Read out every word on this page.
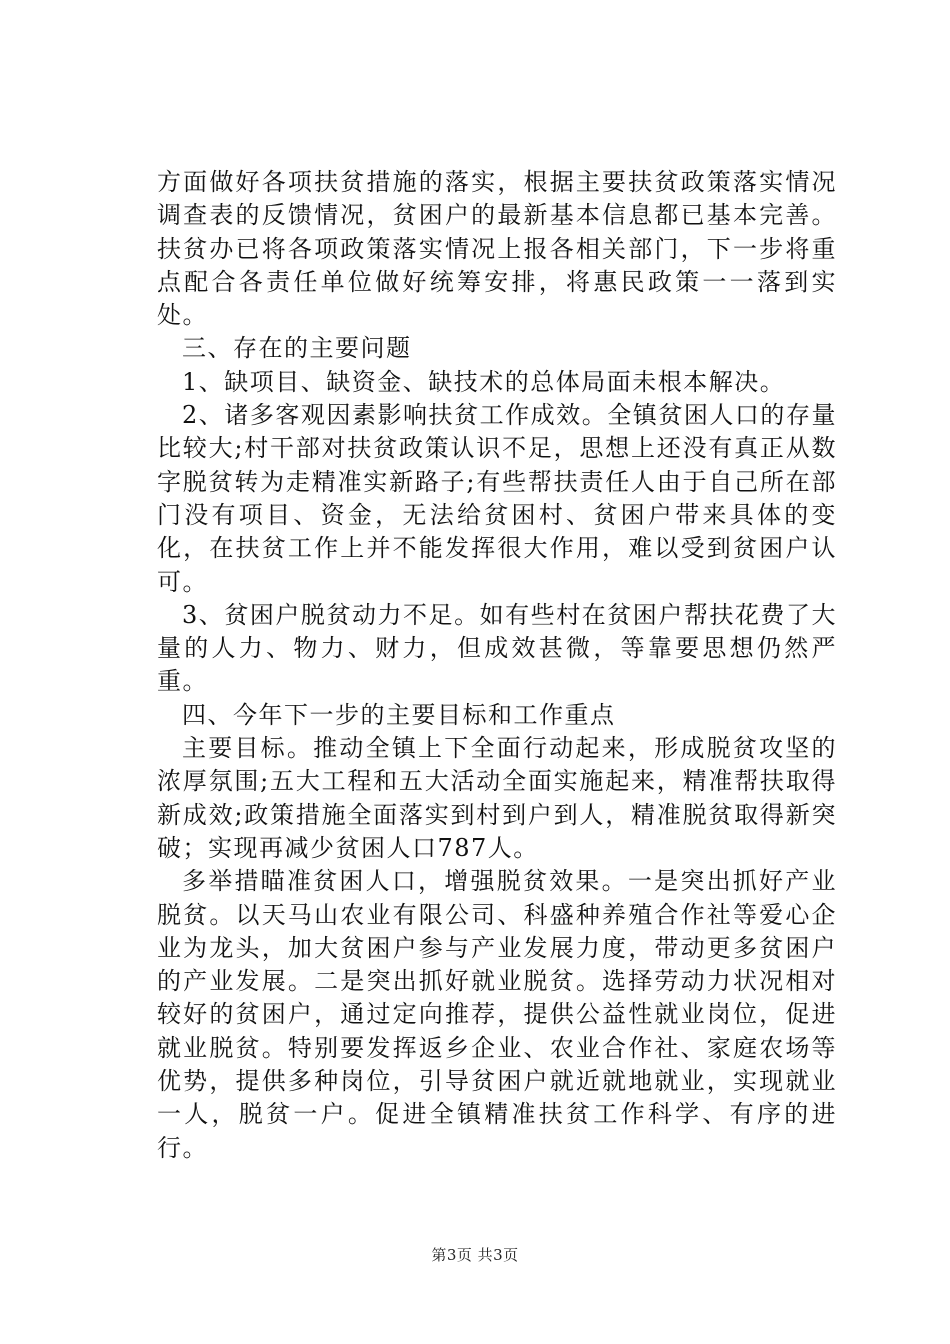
方面做好各项扶贫措施的落实，根据主要扶贫政策落实情况调查表的反馈情况，贫困户的最新基本信息都已基本完善。扶贫办已将各项政策落实情况上报各相关部门，下一步将重点配合各责任单位做好统筹安排，将惠民政策一一落到实处。

三、存在的主要问题

1、缺项目、缺资金、缺技术的总体局面未根本解决。

2、诸多客观因素影响扶贫工作成效。全镇贫困人口的存量比较大;村干部对扶贫政策认识不足，思想上还没有真正从数字脱贫转为走精准实新路子;有些帮扶责任人由于自己所在部门没有项目、资金，无法给贫困村、贫困户带来具体的变化，在扶贫工作上并不能发挥很大作用，难以受到贫困户认可。

3、贫困户脱贫动力不足。如有些村在贫困户帮扶花费了大量的人力、物力、财力，但成效甚微，等靠要思想仍然严重。

四、今年下一步的主要目标和工作重点

主要目标。推动全镇上下全面行动起来，形成脱贫攻坚的浓厚氛围;五大工程和五大活动全面实施起来，精准帮扶取得新成效;政策措施全面落实到村到户到人，精准脱贫取得新突破；实现再减少贫困人口787人。

多举措瞄准贫困人口，增强脱贫效果。一是突出抓好产业脱贫。以天马山农业有限公司、科盛种养殖合作社等爱心企业为龙头，加大贫困户参与产业发展力度，带动更多贫困户的产业发展。二是突出抓好就业脱贫。选择劳动力状况相对较好的贫困户，通过定向推荐，提供公益性就业岗位，促进就业脱贫。特别要发挥返乡企业、农业合作社、家庭农场等优势，提供多种岗位，引导贫困户就近就地就业，实现就业一人，脱贫一户。促进全镇精准扶贫工作科学、有序的进行。

第3页 共3页
